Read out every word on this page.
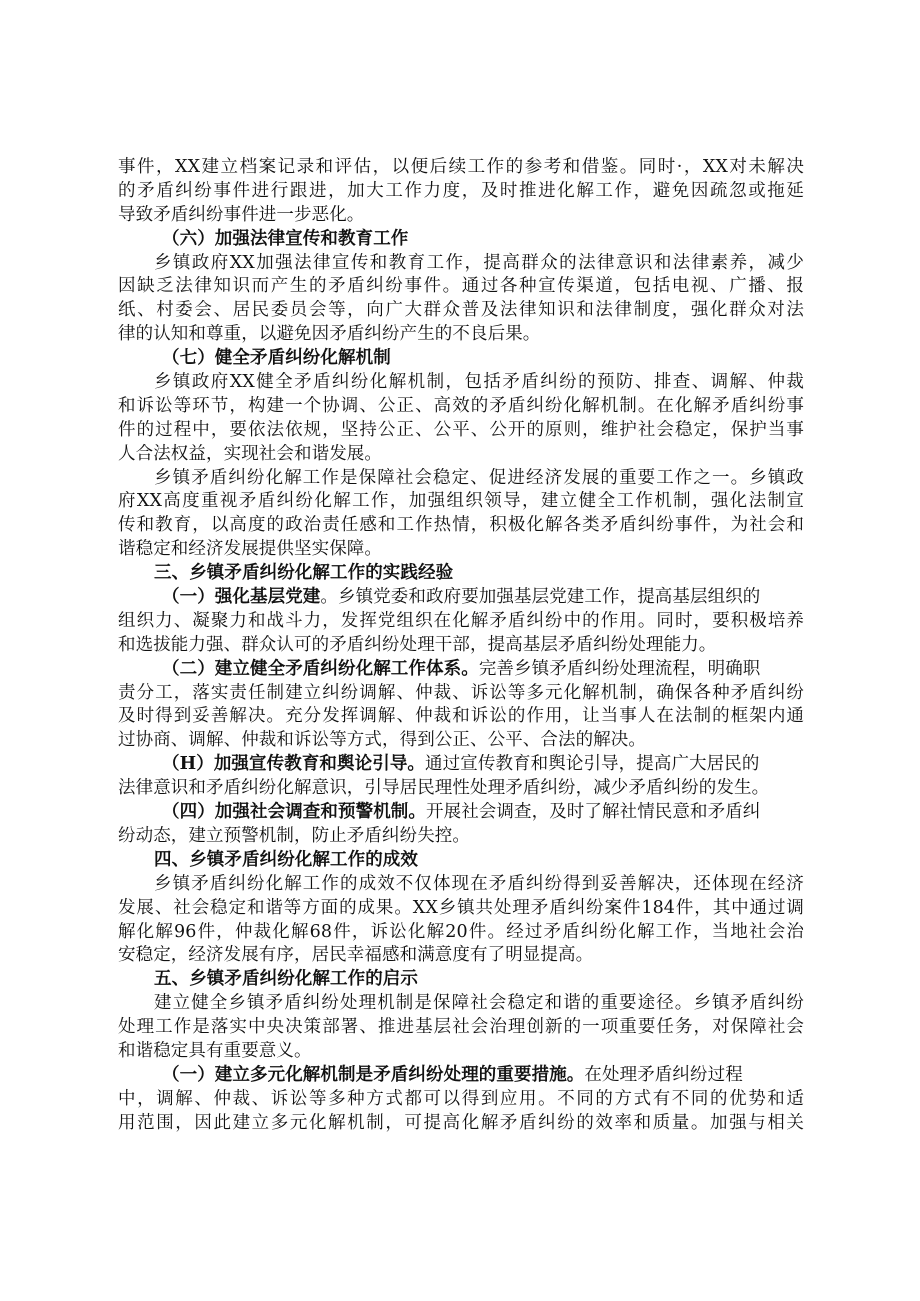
事件，XX建立档案记录和评估，以便后续工作的参考和借鉴。同时·，XX对未解决
的矛盾纠纷事件进行跟进，加大工作力度，及时推进化解工作，避免因疏忽或拖延
导致矛盾纠纷事件进一步恶化。
（六）加强法律宣传和教育工作
乡镇政府XX加强法律宣传和教育工作，提高群众的法律意识和法律素养，减少
因缺乏法律知识而产生的矛盾纠纷事件。通过各种宣传渠道，包括电视、广播、报
纸、村委会、居民委员会等，向广大群众普及法律知识和法律制度，强化群众对法
律的认知和尊重，以避免因矛盾纠纷产生的不良后果。
（七）健全矛盾纠纷化解机制
乡镇政府XX健全矛盾纠纷化解机制，包括矛盾纠纷的预防、排查、调解、仲裁
和诉讼等环节，构建一个协调、公正、高效的矛盾纠纷化解机制。在化解矛盾纠纷事
件的过程中，要依法依规，坚持公正、公平、公开的原则，维护社会稳定，保护当事
人合法权益，实现社会和谐发展。
乡镇矛盾纠纷化解工作是保障社会稳定、促进经济发展的重要工作之一。乡镇政
府XX高度重视矛盾纠纷化解工作，加强组织领导，建立健全工作机制，强化法制宣
传和教育，以高度的政治责任感和工作热情，积极化解各类矛盾纠纷事件，为社会和
谐稳定和经济发展提供坚实保障。
三、乡镇矛盾纠纷化解工作的实践经验
（一）强化基层党建。乡镇党委和政府要加强基层党建工作，提高基层组织的
组织力、凝聚力和战斗力，发挥党组织在化解矛盾纠纷中的作用。同时，要积极培养
和选拔能力强、群众认可的矛盾纠纷处理干部，提高基层矛盾纠纷处理能力。
（二）建立健全矛盾纠纷化解工作体系。完善乡镇矛盾纠纷处理流程，明确职
责分工，落实责任制建立纠纷调解、仲裁、诉讼等多元化解机制，确保各种矛盾纠纷
及时得到妥善解决。充分发挥调解、仲裁和诉讼的作用，让当事人在法制的框架内通
过协商、调解、仲裁和诉讼等方式，得到公正、公平、合法的解决。
（H）加强宣传教育和舆论引导。通过宣传教育和舆论引导，提高广大居民的
法律意识和矛盾纠纷化解意识，引导居民理性处理矛盾纠纷，减少矛盾纠纷的发生。
（四）加强社会调查和预警机制。开展社会调查，及时了解社情民意和矛盾纠
纷动态，建立预警机制，防止矛盾纠纷失控。
四、乡镇矛盾纠纷化解工作的成效
乡镇矛盾纠纷化解工作的成效不仅体现在矛盾纠纷得到妥善解决，还体现在经济
发展、社会稳定和谐等方面的成果。XX乡镇共处理矛盾纠纷案件184件，其中通过调
解化解96件，仲裁化解68件，诉讼化解20件。经过矛盾纠纷化解工作，当地社会治
安稳定，经济发展有序，居民幸福感和满意度有了明显提高。
五、乡镇矛盾纠纷化解工作的启示
建立健全乡镇矛盾纠纷处理机制是保障社会稳定和谐的重要途径。乡镇矛盾纠纷
处理工作是落实中央决策部署、推进基层社会治理创新的一项重要任务，对保障社会
和谐稳定具有重要意义。
（一）建立多元化解机制是矛盾纠纷处理的重要措施。在处理矛盾纠纷过程
中，调解、仲裁、诉讼等多种方式都可以得到应用。不同的方式有不同的优势和适
用范围，因此建立多元化解机制，可提高化解矛盾纠纷的效率和质量。加强与相关
